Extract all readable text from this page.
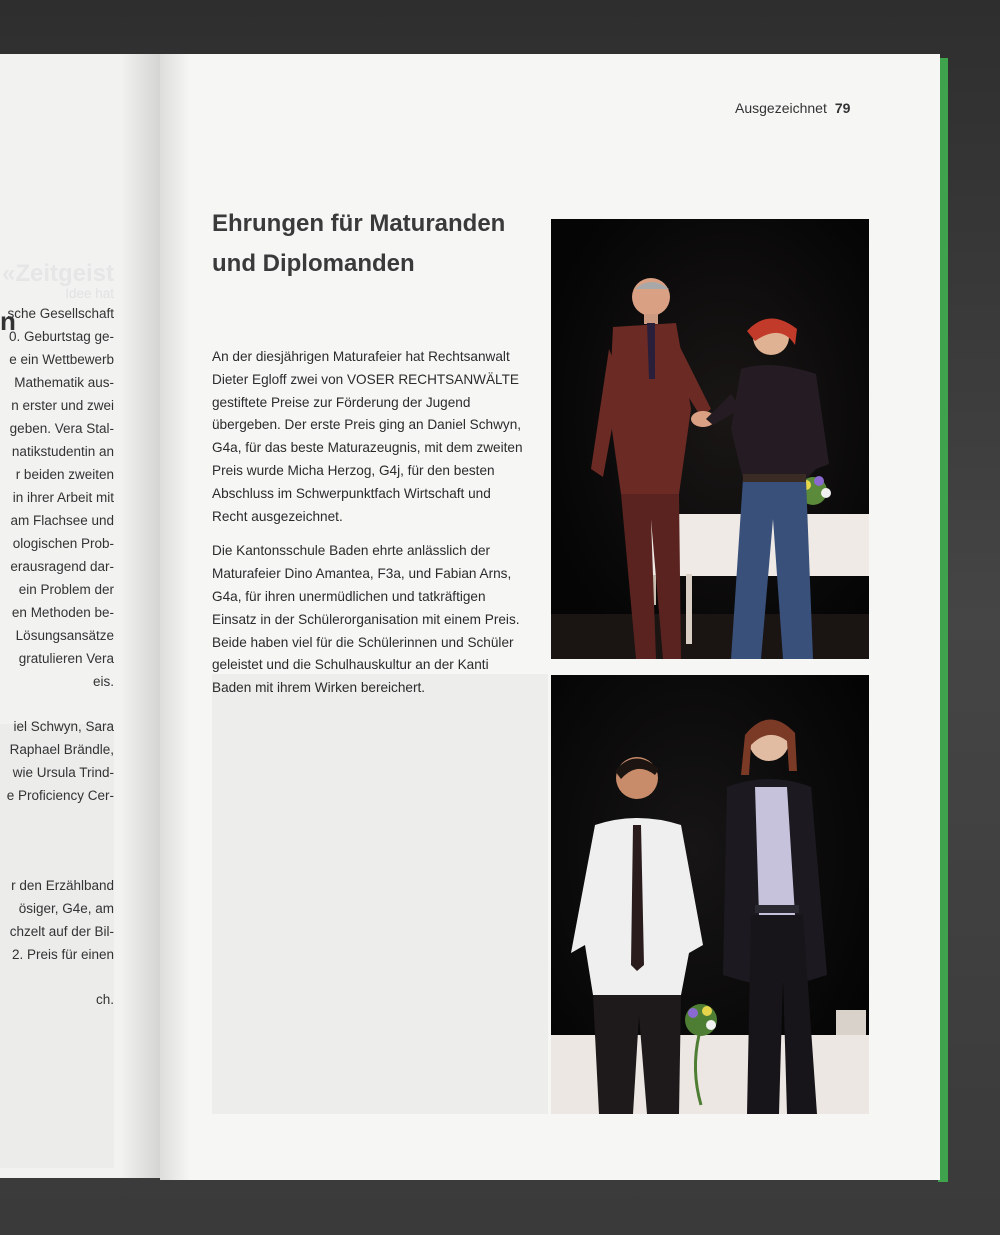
«Zeitgeist
n
Idee hat
sche Gesellschaft
0. Geburtstag ge-
e ein Wettbewerb
Mathematik aus-
n erster und zwei
geben. Vera Stal-
natikstudentin an
r beiden zweiten
in ihrer Arbeit mit
am Flachsee und
ologischen Prob-
erausragend dar-
ein Problem der
en Methoden be-
Lösungsansätze
gratulieren Vera
eis.
iel Schwyn, Sara
Raphael Brändle,
wie Ursula Trind-
e Proficiency Cer-
r den Erzählband
ösiger, G4e, am
chzelt auf der Bil-
2. Preis für einen
ch.
Ausgezeichnet 79
Ehrungen für Maturanden und Diplomanden

An der diesjährigen Maturafeier hat Rechtsanwalt Dieter Egloff zwei von VOSER RECHTSANWÄLTE gestiftete Preise zur Förderung der Jugend übergeben. Der erste Preis ging an Daniel Schwyn, G4a, für das beste Maturazeugnis, mit dem zweiten Preis wurde Micha Herzog, G4j, für den besten Abschluss im Schwerpunktfach Wirtschaft und Recht ausgezeichnet.

Die Kantonsschule Baden ehrte anlässlich der Maturafeier Dino Amantea, F3a, und Fabian Arns, G4a, für ihren unermüdlichen und tatkräftigen Einsatz in der Schülerorganisation mit einem Preis. Beide haben viel für die Schülerinnen und Schüler geleistet und die Schulhauskultur an der Kanti Baden mit ihrem Wirken bereichert.
